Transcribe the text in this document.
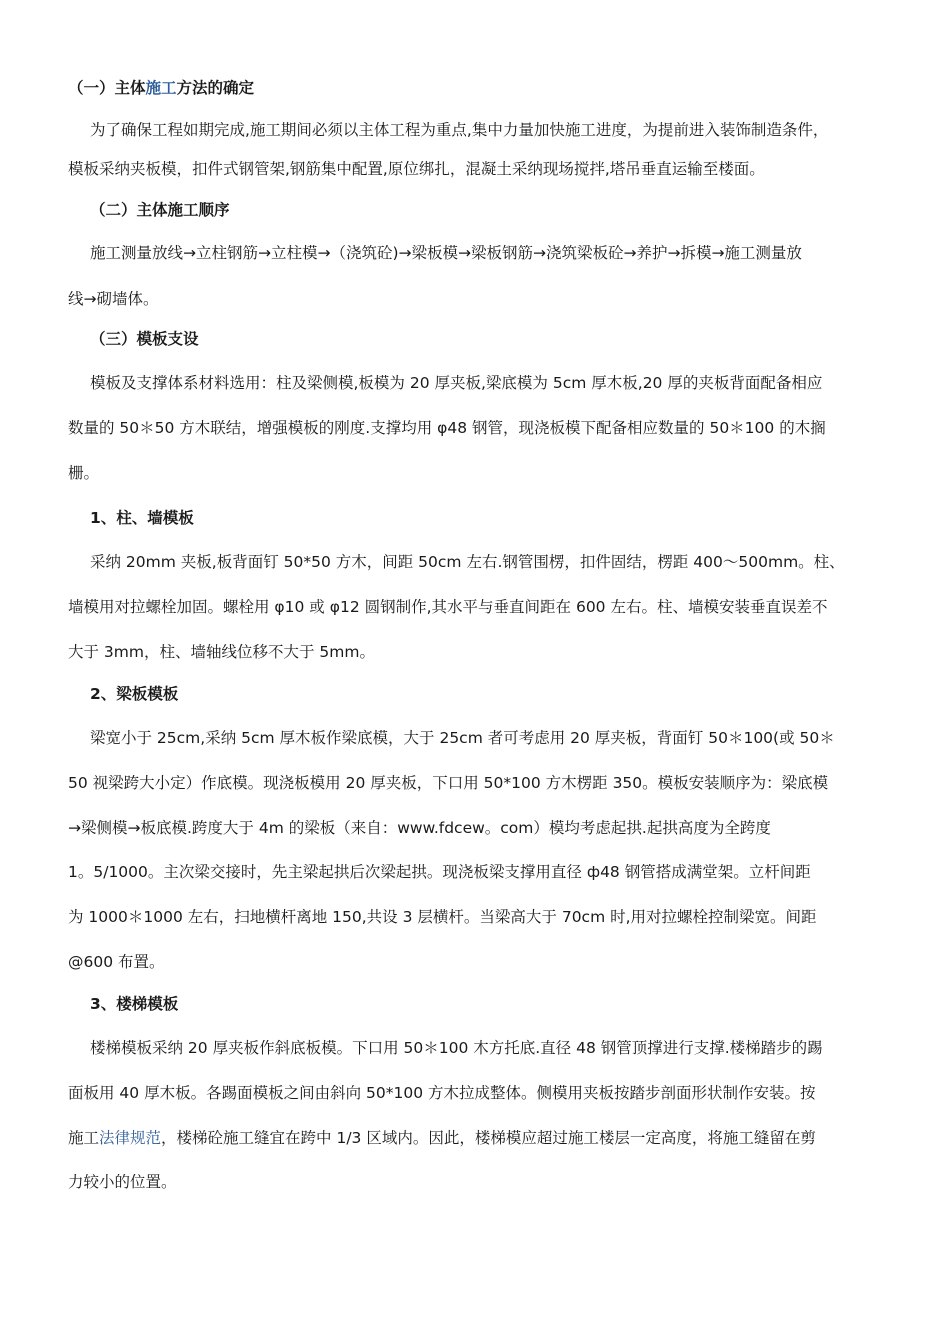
（一）主体施工方法的确定
为了确保工程如期完成,施工期间必须以主体工程为重点,集中力量加快施工进度，为提前进入装饰制造条件，
模板采纳夹板模，扣件式钢管架,钢筋集中配置,原位绑扎，混凝土采纳现场搅拌,塔吊垂直运输至楼面。
（二）主体施工顺序
施工测量放线→立柱钢筋→立柱模→（浇筑砼)→梁板模→梁板钢筋→浇筑梁板砼→养护→拆模→施工测量放
线→砌墙体。
（三）模板支设
模板及支撑体系材料选用：柱及梁侧模,板模为 20 厚夹板,梁底模为 5cm 厚木板,20 厚的夹板背面配备相应
数量的 50＊50 方木联结，增强模板的刚度.支撑均用 φ48 钢管，现浇板模下配备相应数量的 50＊100 的木搁
栅。
1、柱、墙模板
采纳 20mm 夹板,板背面钉 50*50 方木，间距 50cm 左右.钢管围楞，扣件固结，楞距 400～500mm。柱、
墙模用对拉螺栓加固。螺栓用 φ10 或 φ12 圆钢制作,其水平与垂直间距在 600 左右。柱、墙模安装垂直误差不
大于 3mm，柱、墙轴线位移不大于 5mm。
2、梁板模板
梁宽小于 25cm,采纳 5cm 厚木板作梁底模，大于 25cm 者可考虑用 20 厚夹板，背面钉 50＊100(或 50＊
50 视梁跨大小定）作底模。现浇板模用 20 厚夹板，下口用 50*100 方木楞距 350。模板安装顺序为：梁底模
→梁侧模→板底模.跨度大于 4m 的梁板（来自：www.fdcew。com）模均考虑起拱.起拱高度为全跨度
1。5/1000。主次梁交接时，先主梁起拱后次梁起拱。现浇板梁支撑用直径 ф48 钢管搭成满堂架。立杆间距
为 1000＊1000 左右，扫地横杆离地 150,共设 3 层横杆。当梁高大于 70cm 时,用对拉螺栓控制梁宽。间距
@600 布置。
3、楼梯模板
楼梯模板采纳 20 厚夹板作斜底板模。下口用 50＊100 木方托底.直径 48 钢管顶撑进行支撑.楼梯踏步的踢
面板用 40 厚木板。各踢面模板之间由斜向 50*100 方木拉成整体。侧模用夹板按踏步剖面形状制作安装。按
施工法律规范，楼梯砼施工缝宜在跨中 1/3 区域内。因此，楼梯模应超过施工楼层一定高度，将施工缝留在剪
力较小的位置。
